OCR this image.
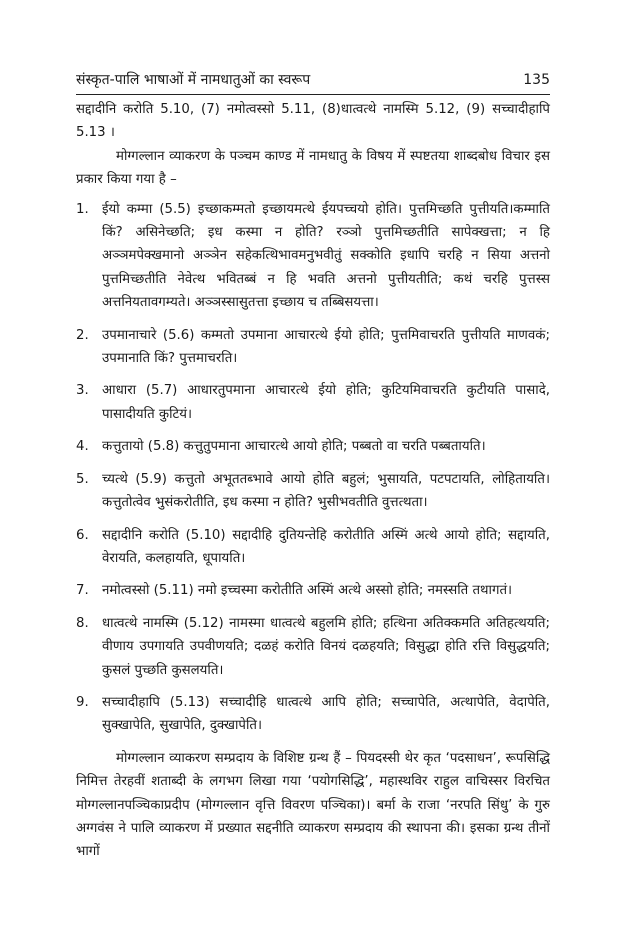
संस्कृत-पालि भाषाओं में नामधातुओं का स्वरूप	135

सद्दादीनि करोति 5.10, (7) नमोत्वस्सो 5.11, (8)धात्वत्थे नामस्मि 5.12, (9) सच्चादीहापि 5.13 ।

मोग्गल्लान व्याकरण के पञ्चम काण्ड में नामधातु के विषय में स्पष्टतया शाब्दबोध विचार इस प्रकार किया गया है –

1.	ईयो कम्मा (5.5) इच्छाकम्मतो इच्छायमत्थे ईयपच्चयो होति। पुत्तमिच्छति पुत्तीयति।कम्माति किं? असिनेच्छति; इध कस्मा न होति? रञ्ञो पुत्तमिच्छतीति सापेक्खत्ता; न हि अञ्ञमपेक्खमानो अञ्ञेन सहेकत्थिभावमनुभवीतुं सक्कोति इधापि चरहि न सिया अत्तनो पुत्तमिच्छतीति नेवेत्थ भवितब्बं न हि भवति अत्तनो पुत्तीयतीति; कथं चरहि पुत्तस्स अत्तनियतावगम्यते। अञ्ञस्सासुतत्ता इच्छाय च तब्बिसयत्ता।
2.	उपमानाचारे (5.6) कम्मतो उपमाना आचारत्थे ईयो होति; पुत्तमिवाचरति पुत्तीयति माणवकं; उपमानाति किं? पुत्तमाचरति।
3.	आधारा (5.7) आधारतुपमाना आचारत्थे ईयो होति; कुटियमिवाचरति कुटीयति पासादे, पासादीयति कुटियं।
4.	कत्तुतायो (5.8) कत्तुतुपमाना आचारत्थे आयो होति; पब्बतो वा चरति पब्बतायति।
5.	च्यत्थे (5.9) कत्तुतो अभूततब्भावे आयो होति बहुलं; भुसायति, पटपटायति, लोहितायति। कत्तुतोत्वेव भुसंकरोतीति, इध कस्मा न होति? भुसीभवतीति वुत्तत्थता।
6.	सद्दादीनि करोति (5.10) सद्दादीहि दुतियन्तेहि करोतीति अस्मिं अत्थे आयो होति; सद्दायति, वेरायति, कलहायति, धूपायति।
7.	नमोत्वस्सो (5.11) नमो इच्चस्मा करोतीति अस्मिं अत्थे अस्सो होति; नमस्सति तथागतं।
8.	धात्वत्थे नामस्मि (5.12) नामस्मा धात्वत्थे बहुलमि होति; हत्थिना अतिक्कमति अतिहत्थयति; वीणाय उपगायति उपवीणयति; दळहं करोति विनयं दळहयति; विसुद्धा होति रत्ति विसुद्धयति; कुसलं पुच्छति कुसलयति।
9.	सच्चादीहापि (5.13) सच्चादीहि धात्वत्थे आपि होति; सच्चापेति, अत्थापेति, वेदापेति, सुक्खापेति, सुखापेति, दुक्खापेति।

मोग्गल्लान व्याकरण सम्प्रदाय के विशिष्ट ग्रन्थ हैं – पियदस्सी थेर कृत ‘पदसाधन’, रूपसिद्धि निमित्त तेरहवीं शताब्दी के लगभग लिखा गया ‘पयोगसिद्धि’, महास्थविर राहुल वाचिस्सर विरचित मोग्गल्लानपञ्चिकाप्रदीप (मोग्गल्लान वृत्ति विवरण पञ्चिका)। बर्मा के राजा ‘नरपति सिंधु’ के गुरु अग्गवंस ने पालि व्याकरण में प्रख्यात सद्दनीति व्याकरण सम्प्रदाय की स्थापना की। इसका ग्रन्थ तीनों भागों
